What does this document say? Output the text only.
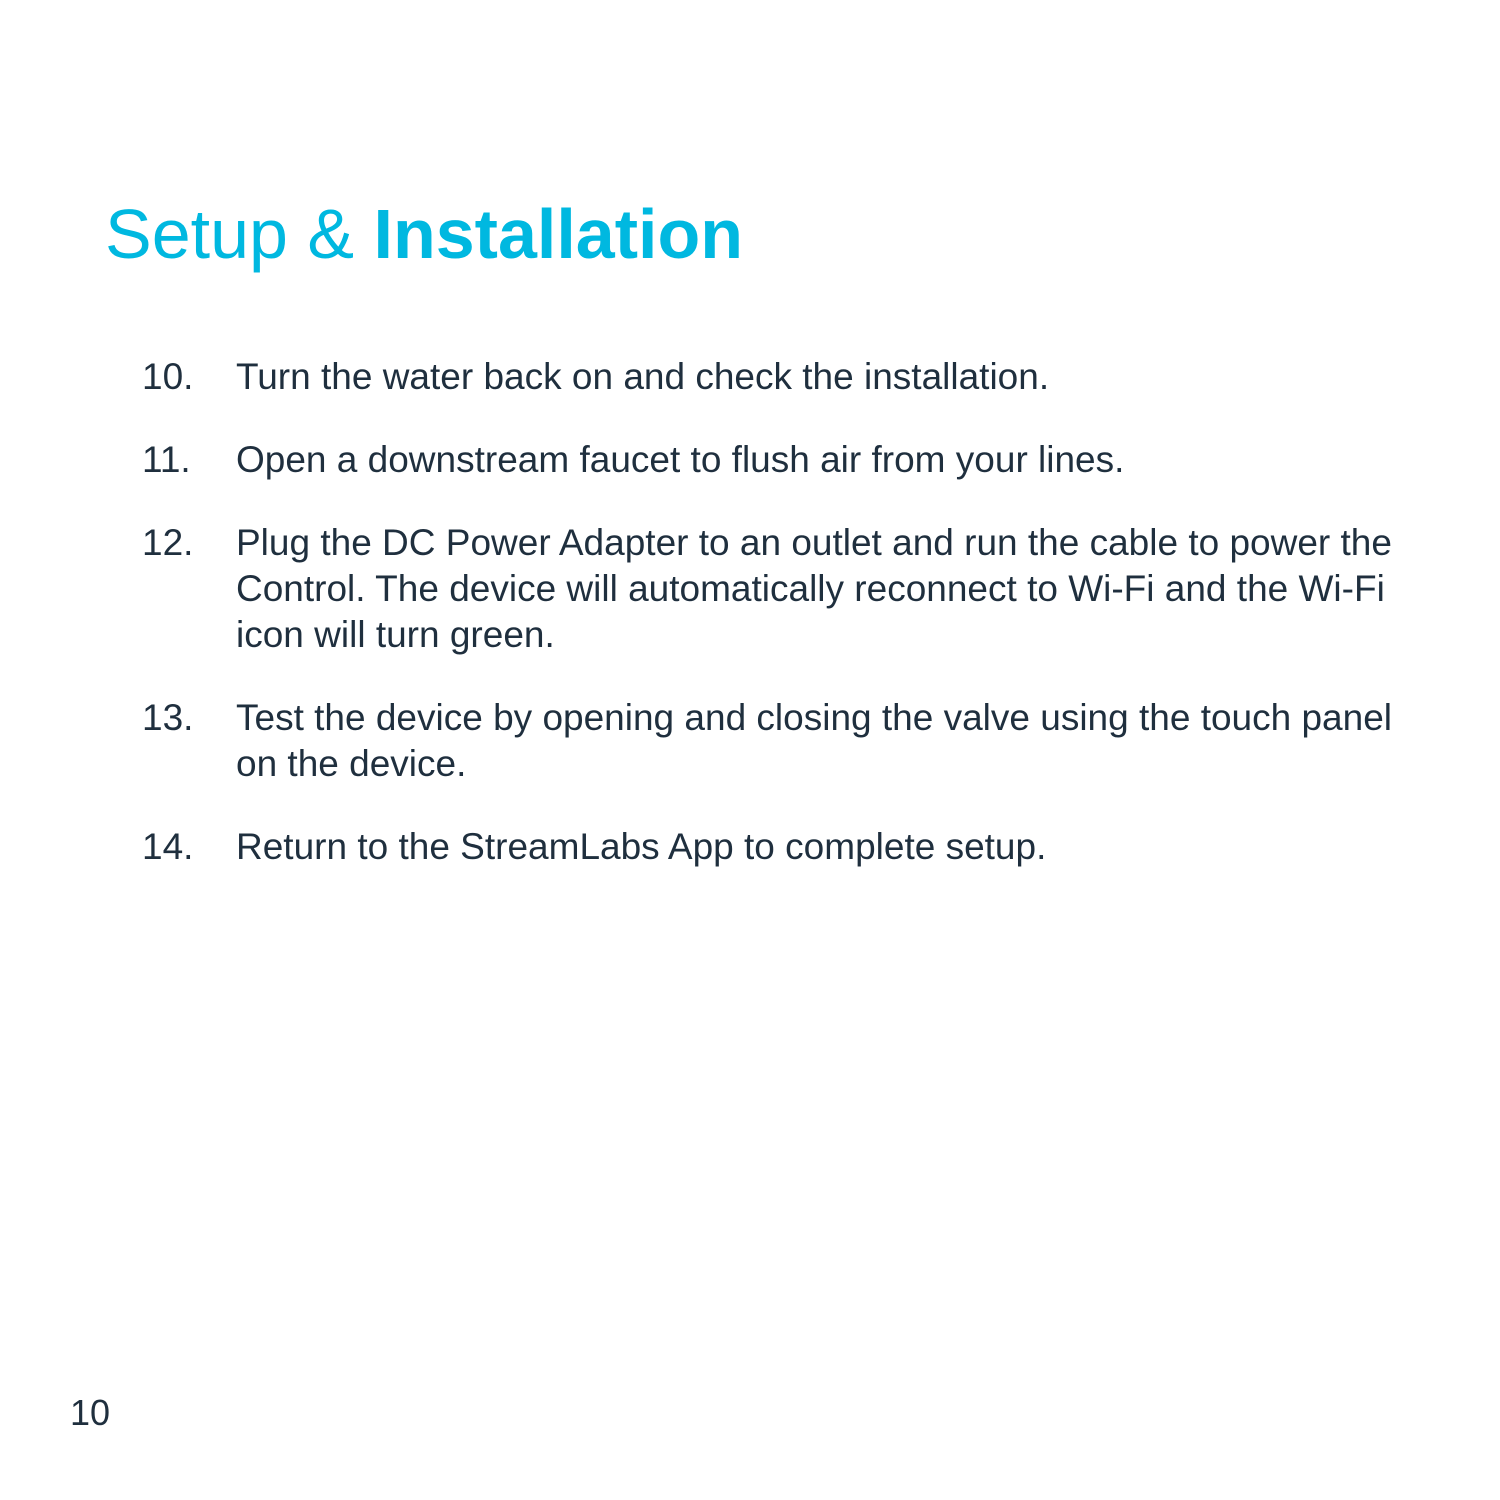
Setup & Installation
10.	Turn the water back on and check the installation.
11.	Open a downstream faucet to flush air from your lines.
12.	Plug the DC Power Adapter to an outlet and run the cable to power the Control. The device will automatically reconnect to Wi-Fi and the Wi-Fi icon will turn green.
13.	Test the device by opening and closing the valve using the touch panel on the device.
14.	Return to the StreamLabs App to complete setup.
10
